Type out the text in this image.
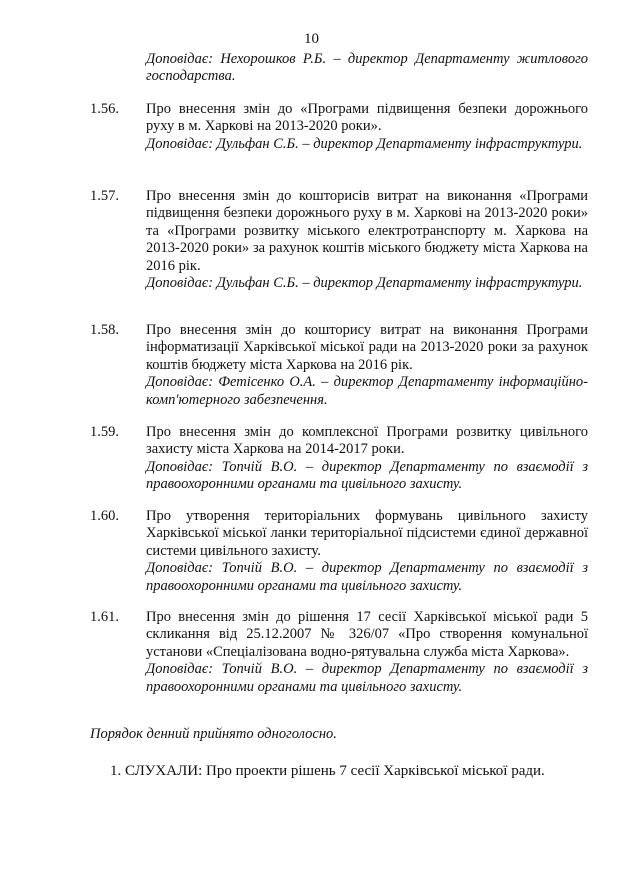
10
Доповідає: Нехорошков Р.Б. – директор Департаменту житлового господарства.
1.56. Про внесення змін до «Програми підвищення безпеки дорожнього руху в м. Харкові на 2013-2020 роки».
Доповідає: Дульфан С.Б. – директор Департаменту інфраструктури.
1.57. Про внесення змін до кошторисів витрат на виконання «Програми підвищення безпеки дорожнього руху в м. Харкові на 2013-2020 роки» та «Програми розвитку міського електротранспорту м. Харкова на 2013-2020 роки» за рахунок коштів міського бюджету міста Харкова на 2016 рік.
Доповідає: Дульфан С.Б. – директор Департаменту інфраструктури.
1.58. Про внесення змін до кошторису витрат на виконання Програми інформатизації Харківської міської ради на 2013-2020 роки за рахунок коштів бюджету міста Харкова на 2016 рік.
Доповідає: Фетісенко О.А. – директор Департаменту інформаційно-комп'ютерного забезпечення.
1.59. Про внесення змін до комплексної Програми розвитку цивільного захисту міста Харкова на 2014-2017 роки.
Доповідає: Топчій В.О. – директор Департаменту по взаємодії з правоохоронними органами та цивільного захисту.
1.60. Про утворення територіальних формувань цивільного захисту Харківської міської ланки територіальної підсистеми єдиної державної системи цивільного захисту.
Доповідає: Топчій В.О. – директор Департаменту по взаємодії з правоохоронними органами та цивільного захисту.
1.61. Про внесення змін до рішення 17 сесії Харківської міської ради 5 скликання від 25.12.2007 № 326/07 «Про створення комунальної установи «Спеціалізована водно-рятувальна служба міста Харкова».
Доповідає: Топчій В.О. – директор Департаменту по взаємодії з правоохоронними органами та цивільного захисту.
Порядок денний прийнято одноголосно.
1. СЛУХАЛИ: Про проекти рішень 7 сесії Харківської міської ради.
